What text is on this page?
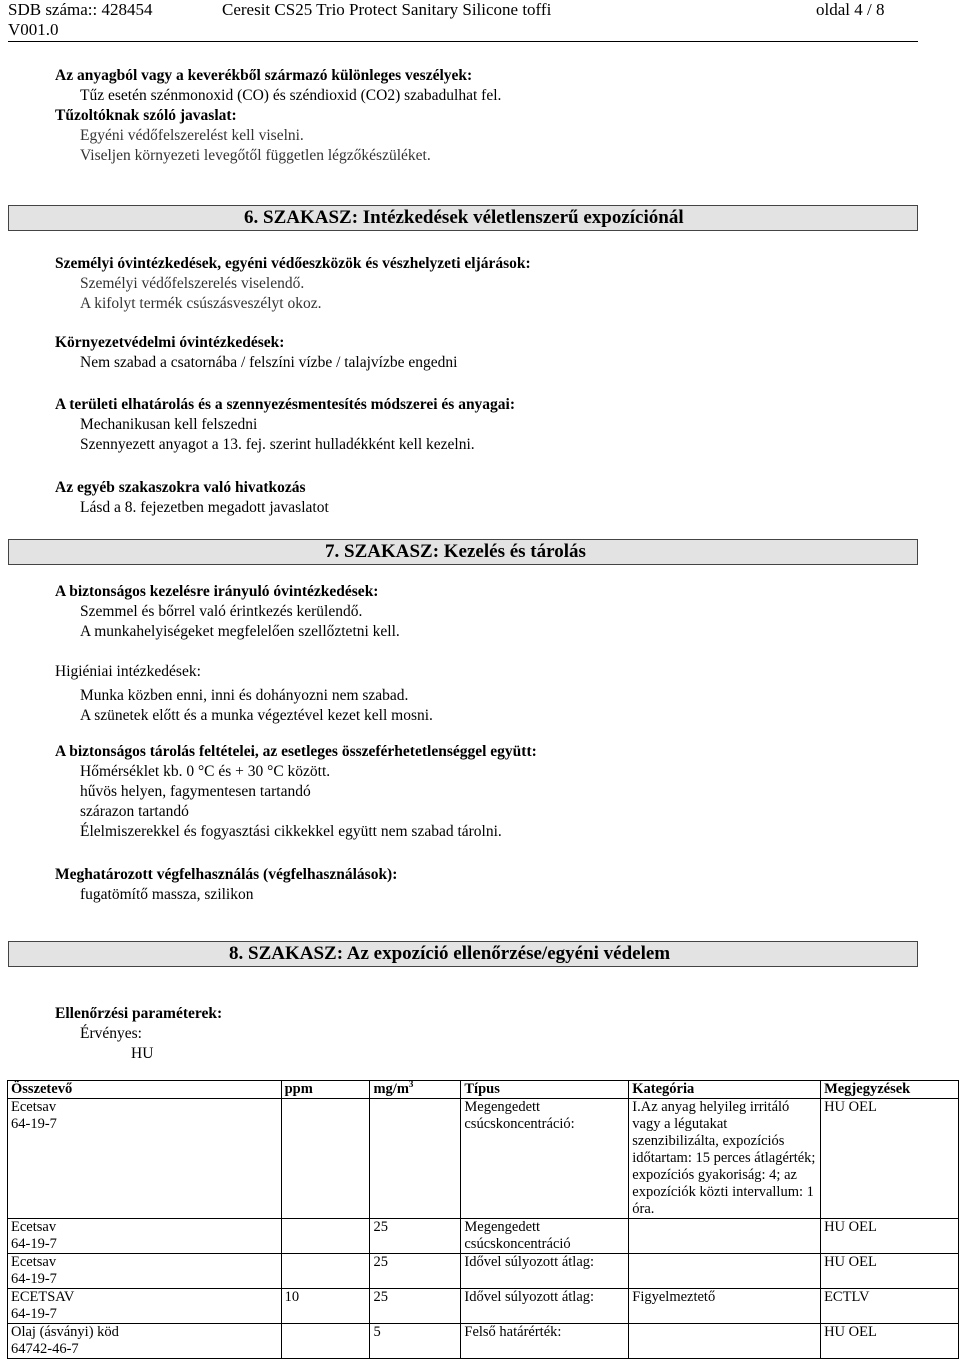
SDB száma:: 428454
V001.0
Ceresit CS25 Trio Protect Sanitary Silicone toffi	oldal 4 / 8
Az anyagból vagy a keverékből származó különleges veszélyek:
Tűz esetén szénmonoxid (CO) és széndioxid (CO2) szabadulhat fel.
Tűzoltóknak szóló javaslat:
Egyéni védőfelszerelést kell viselni.
Viseljen környezeti levegőtől független légzőkészüléket.
6. SZAKASZ: Intézkedések véletlenszerű expozíciónál
Személyi óvintézkedések, egyéni védőeszközök és vészhelyzeti eljárások:
Személyi védőfelszerelés viselendő.
A kifolyt termék csúszásveszélyt okoz.
Környezetvédelmi óvintézkedések:
Nem szabad a csatornába / felszíni vízbe / talajvízbe engedni
A területi elhatárolás és a szennyezésmentesítés módszerei és anyagai:
Mechanikusan kell felszedni
Szennyezett anyagot a 13. fej. szerint hulladékként kell kezelni.
Az egyéb szakaszokra való hivatkozás
Lásd a 8. fejezetben megadott javaslatot
7. SZAKASZ: Kezelés és tárolás
A biztonságos kezelésre irányuló óvintézkedések:
Szemmel és bőrrel való érintkezés kerülendő.
A munkahelyiségeket megfelelően szellőztetni kell.
Higiéniai intézkedések:
Munka közben enni, inni és dohányozni nem szabad.
A szünetek előtt és a munka végeztével kezet kell mosni.
A biztonságos tárolás feltételei, az esetleges összeférhetetlenséggel együtt:
Hőmérséklet kb. 0 °C és + 30 °C között.
hűvös helyen, fagymentesen tartandó
szárazon tartandó
Élelmiszerekkel és fogyasztási cikkekkel együtt nem szabad tárolni.
Meghatározott végfelhasználás (végfelhasználások):
fugatömítő massza, szilikon
8. SZAKASZ: Az expozíció ellenőrzése/egyéni védelem
Ellenőrzési paraméterek:
Érvényes:
HU
Összetevő	ppm	$mg/m^3$	Típus	Kategória	Megjegyzések

Ecetsav
64-19-7			Megengedett csúcskoncentráció:	I.Az anyag helyileg irritáló vagy a légutakat szenzibilizálta, expozíciós időtartam: 15 perces átlagérték; expozíciós gyakoriság: 4; az expozíciók közti intervallum: 1 óra.	HU OEL

Ecetsav
64-19-7		25	Megengedett csúcskoncentráció		HU OEL

Ecetsav
64-19-7		25	Idővel súlyozott átlag:		HU OEL

ECETSAV
64-19-7	10	25	Idővel súlyozott átlag:	Figyelmeztető	ECTLV

Olaj (ásványi) köd
64742-46-7		5	Felső határérték:		HU OEL
